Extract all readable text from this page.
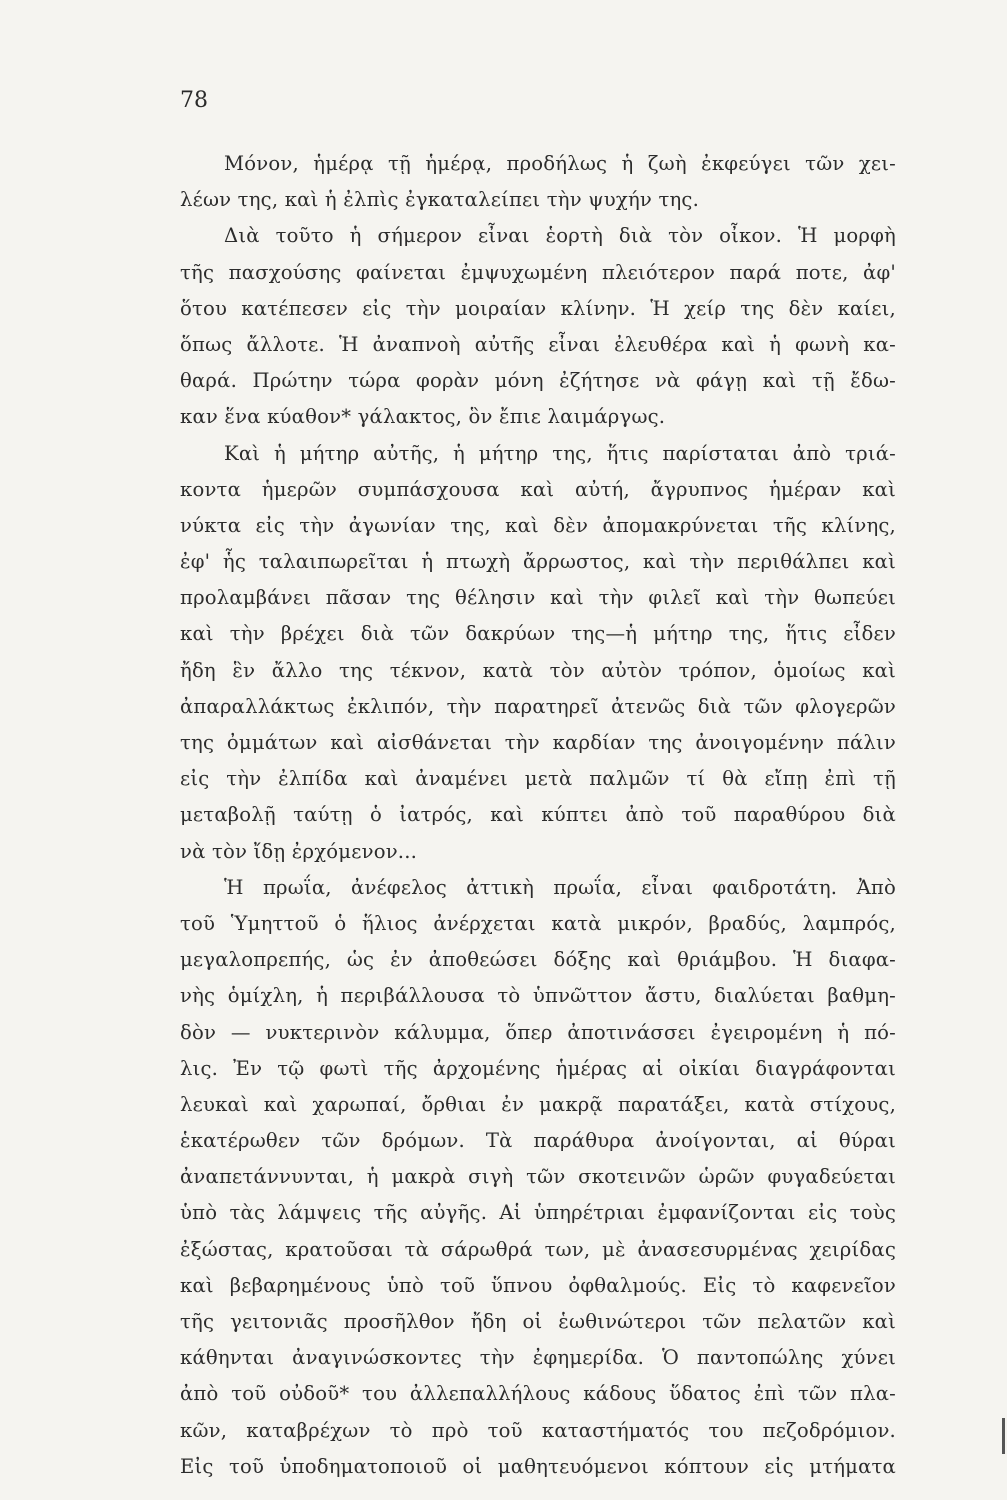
78
Μόνον, ἡμέρᾳ τῇ ἡμέρᾳ, προδήλως ἡ ζωὴ ἐκφεύγει τῶν χει-
λέων της, καὶ ἡ ἐλπὶς ἐγκαταλείπει τὴν ψυχήν της.
Διὰ τοῦτο ἡ σήμερον εἶναι ἑορτὴ διὰ τὸν οἶκον. Ἡ μορφὴ
τῆς πασχούσης φαίνεται ἐμψυχωμένη πλειότερον παρά ποτε, ἀφ'
ὅτου κατέπεσεν εἰς τὴν μοιραίαν κλίνην. Ἡ χείρ της δὲν καίει,
ὅπως ἄλλοτε. Ἡ ἀναπνοὴ αὐτῆς εἶναι ἐλευθέρα καὶ ἡ φωνὴ κα-
θαρά. Πρώτην τώρα φορὰν μόνη ἐζήτησε νὰ φάγῃ καὶ τῇ ἔδω-
καν ἕνα κύαθον* γάλακτος, ὃν ἔπιε λαιμάργως.
Καὶ ἡ μήτηρ αὐτῆς, ἡ μήτηρ της, ἥτις παρίσταται ἀπὸ τριά-
κοντα ἡμερῶν συμπάσχουσα καὶ αὐτή, ἄγρυπνος ἡμέραν καὶ
νύκτα εἰς τὴν ἀγωνίαν της, καὶ δὲν ἀπομακρύνεται τῆς κλίνης,
ἐφ' ἧς ταλαιπωρεῖται ἡ πτωχὴ ἄρρωστος, καὶ τὴν περιθάλπει καὶ
προλαμβάνει πᾶσαν της θέλησιν καὶ τὴν φιλεῖ καὶ τὴν θωπεύει
καὶ τὴν βρέχει διὰ τῶν δακρύων της—ἡ μήτηρ της, ἥτις εἶδεν
ἤδη ἓν ἄλλο της τέκνον, κατὰ τὸν αὐτὸν τρόπον, ὁμοίως καὶ
ἀπαραλλάκτως ἐκλιπόν, τὴν παρατηρεῖ ἀτενῶς διὰ τῶν φλογερῶν
της ὀμμάτων καὶ αἰσθάνεται τὴν καρδίαν της ἀνοιγομένην πάλιν
εἰς τὴν ἐλπίδα καὶ ἀναμένει μετὰ παλμῶν τί θὰ εἴπῃ ἐπὶ τῇ
μεταβολῇ ταύτῃ ὁ ἰατρός, καὶ κύπτει ἀπὸ τοῦ παραθύρου διὰ
νὰ τὸν ἴδῃ ἐρχόμενον...
Ἡ πρωΐα, ἀνέφελος ἀττικὴ πρωΐα, εἶναι φαιδροτάτη. Ἀπὸ
τοῦ Ὑμηττοῦ ὁ ἥλιος ἀνέρχεται κατὰ μικρόν, βραδύς, λαμπρός,
μεγαλοπρεπής, ὡς ἐν ἀποθεώσει δόξης καὶ θριάμβου. Ἡ διαφα-
νὴς ὁμίχλη, ἡ περιβάλλουσα τὸ ὑπνῶττον ἄστυ, διαλύεται βαθμη-
δὸν — νυκτερινὸν κάλυμμα, ὅπερ ἀποτινάσσει ἐγειρομένη ἡ πό-
λις. Ἐν τῷ φωτὶ τῆς ἀρχομένης ἡμέρας αἱ οἰκίαι διαγράφονται
λευκαὶ καὶ χαρωπαί, ὄρθιαι ἐν μακρᾷ παρατάξει, κατὰ στίχους,
ἑκατέρωθεν τῶν δρόμων. Τὰ παράθυρα ἀνοίγονται, αἱ θύραι
ἀναπετάννυνται, ἡ μακρὰ σιγὴ τῶν σκοτεινῶν ὡρῶν φυγαδεύεται
ὑπὸ τὰς λάμψεις τῆς αὐγῆς. Αἱ ὑπηρέτριαι ἐμφανίζονται εἰς τοὺς
ἐξώστας, κρατοῦσαι τὰ σάρωθρά των, μὲ ἀνασεσυρμένας χειρίδας
καὶ βεβαρημένους ὑπὸ τοῦ ὕπνου ὀφθαλμούς. Εἰς τὸ καφενεῖον
τῆς γειτονιᾶς προσῆλθον ἤδη οἱ ἑωθινώτεροι τῶν πελατῶν καὶ
κάθηνται ἀναγινώσκοντες τὴν ἐφημερίδα. Ὁ παντοπώλης χύνει
ἀπὸ τοῦ οὐδοῦ* του ἀλλεπαλλήλους κάδους ὕδατος ἐπὶ τῶν πλα-
κῶν, καταβρέχων τὸ πρὸ τοῦ καταστήματός του πεζοδρόμιον.
Εἰς τοῦ ὑποδηματοποιοῦ οἱ μαθητευόμενοι κόπτουν εἰς μτήματα
